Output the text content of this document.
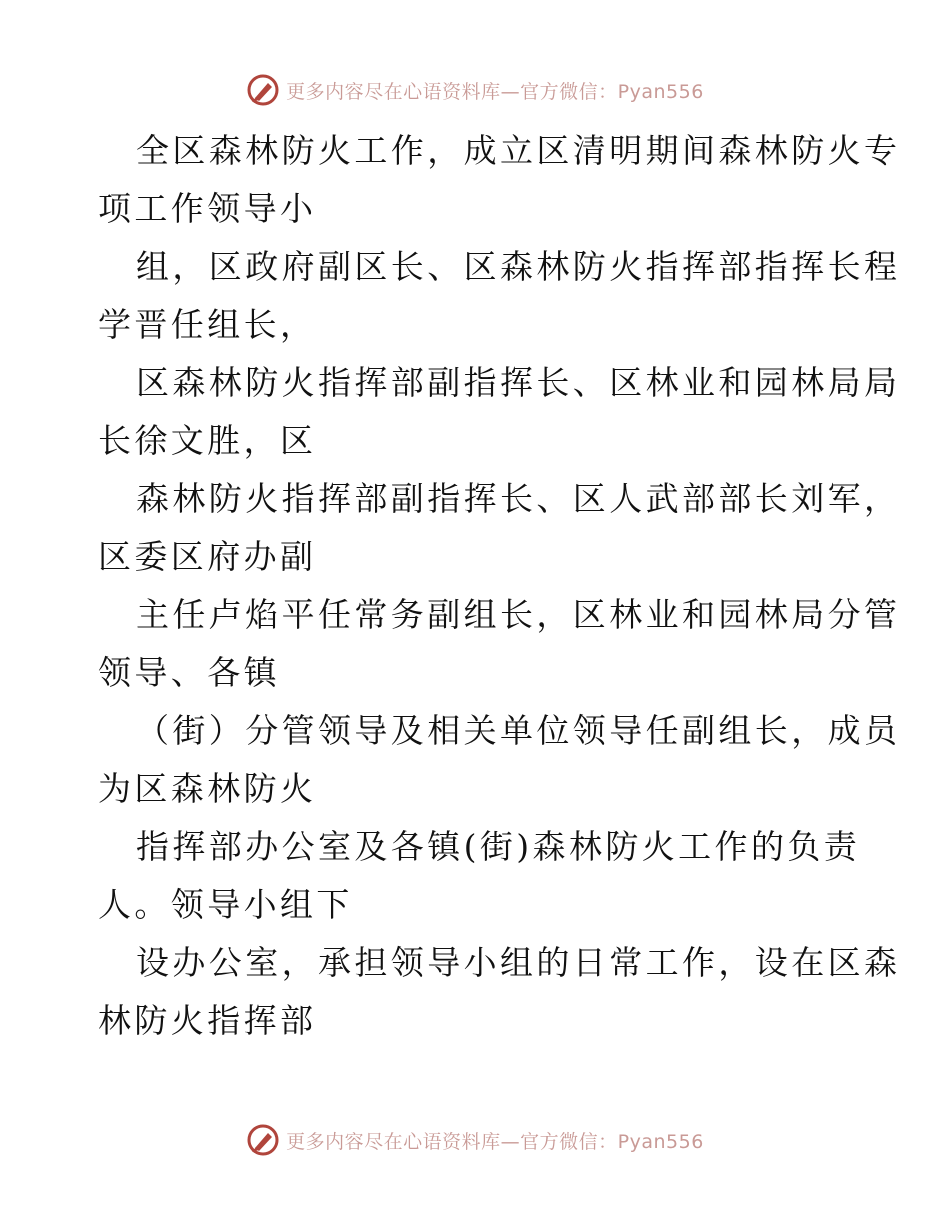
更多内容尽在心语资料库—官方微信：Pyan556

全区森林防火工作，成立区清明期间森林防火专

项工作领导小

组，区政府副区长、区森林防火指挥部指挥长程

学晋任组长，

区森林防火指挥部副指挥长、区林业和园林局局

长徐文胜，区

森林防火指挥部副指挥长、区人武部部长刘军，

区委区府办副

主任卢焰平任常务副组长，区林业和园林局分管

领导、各镇

（街）分管领导及相关单位领导任副组长，成员

为区森林防火

指挥部办公室及各镇(街)森林防火工作的负责

人。领导小组下

设办公室，承担领导小组的日常工作，设在区森

林防火指挥部

更多内容尽在心语资料库—官方微信：Pyan556
